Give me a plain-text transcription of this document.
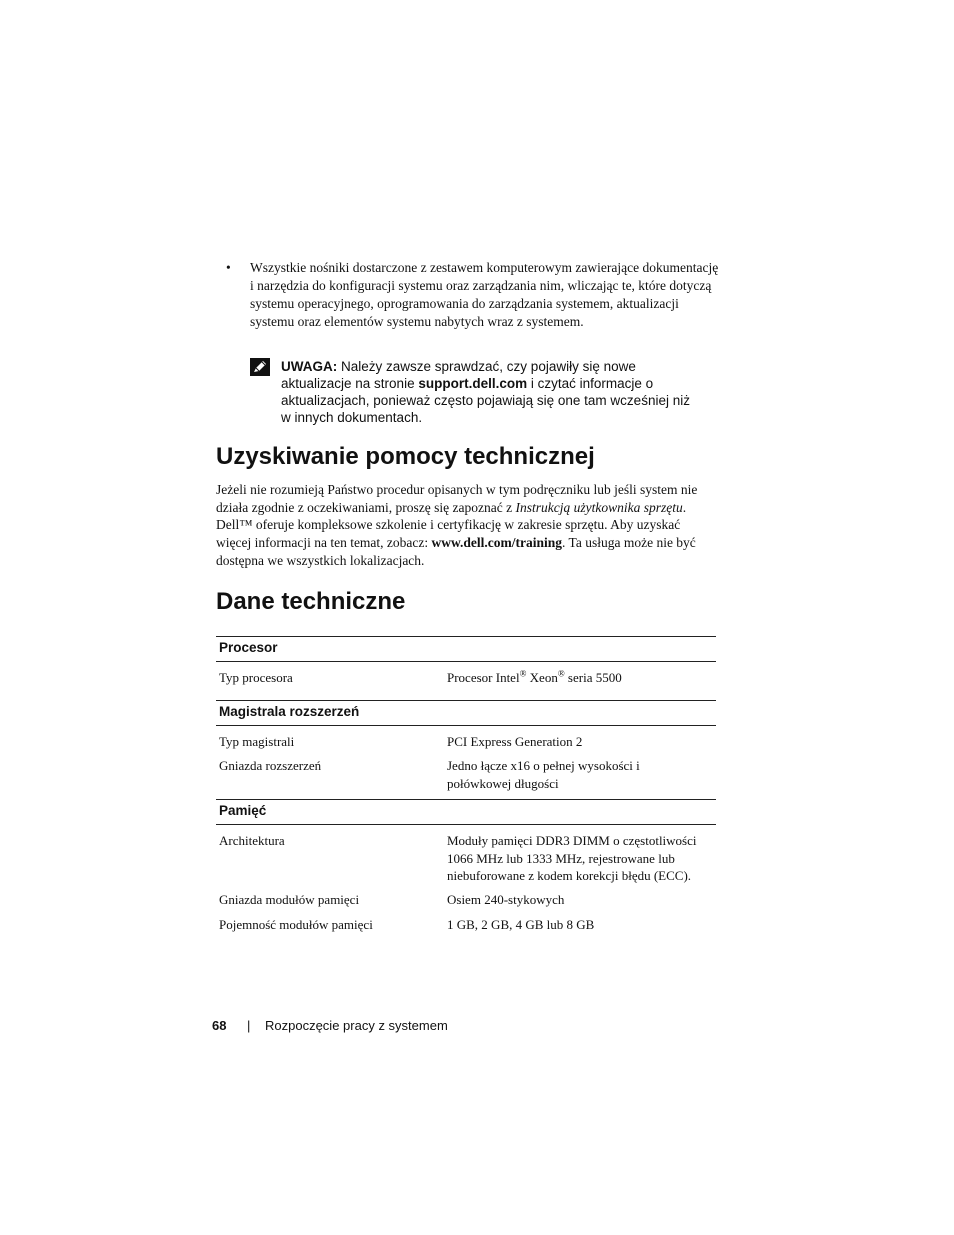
• Wszystkie nośniki dostarczone z zestawem komputerowym zawierające dokumentację i narzędzia do konfiguracji systemu oraz zarządzania nim, wliczając te, które dotyczą systemu operacyjnego, oprogramowania do zarządzania systemem, aktualizacji systemu oraz elementów systemu nabytych wraz z systemem.
UWAGA: Należy zawsze sprawdzać, czy pojawiły się nowe aktualizacje na stronie support.dell.com i czytać informacje o aktualizacjach, ponieważ często pojawiają się one tam wcześniej niż w innych dokumentach.
Uzyskiwanie pomocy technicznej
Jeżeli nie rozumieją Państwo procedur opisanych w tym podręczniku lub jeśli system nie działa zgodnie z oczekiwaniami, proszę się zapoznać z Instrukcją użytkownika sprzętu. Dell™ oferuje kompleksowe szkolenie i certyfikację w zakresie sprzętu. Aby uzyskać więcej informacji na ten temat, zobacz: www.dell.com/training. Ta usługa może nie być dostępna we wszystkich lokalizacjach.
Dane techniczne
Procesor
Typ procesora	Procesor Intel® Xeon® seria 5500
Magistrala rozszerzeń
Typ magistrali	PCI Express Generation 2
Gniazda rozszerzeń	Jedno łącze x16 o pełnej wysokości i połówkowej długości
Pamięć
Architektura	Moduły pamięci DDR3 DIMM o częstotliwości 1066 MHz lub 1333 MHz, rejestrowane lub niebuforowane z kodem korekcji błędu (ECC).
Gniazda modułów pamięci	Osiem 240-stykowych
Pojemność modułów pamięci	1 GB, 2 GB, 4 GB lub 8 GB
68 | Rozpoczęcie pracy z systemem
